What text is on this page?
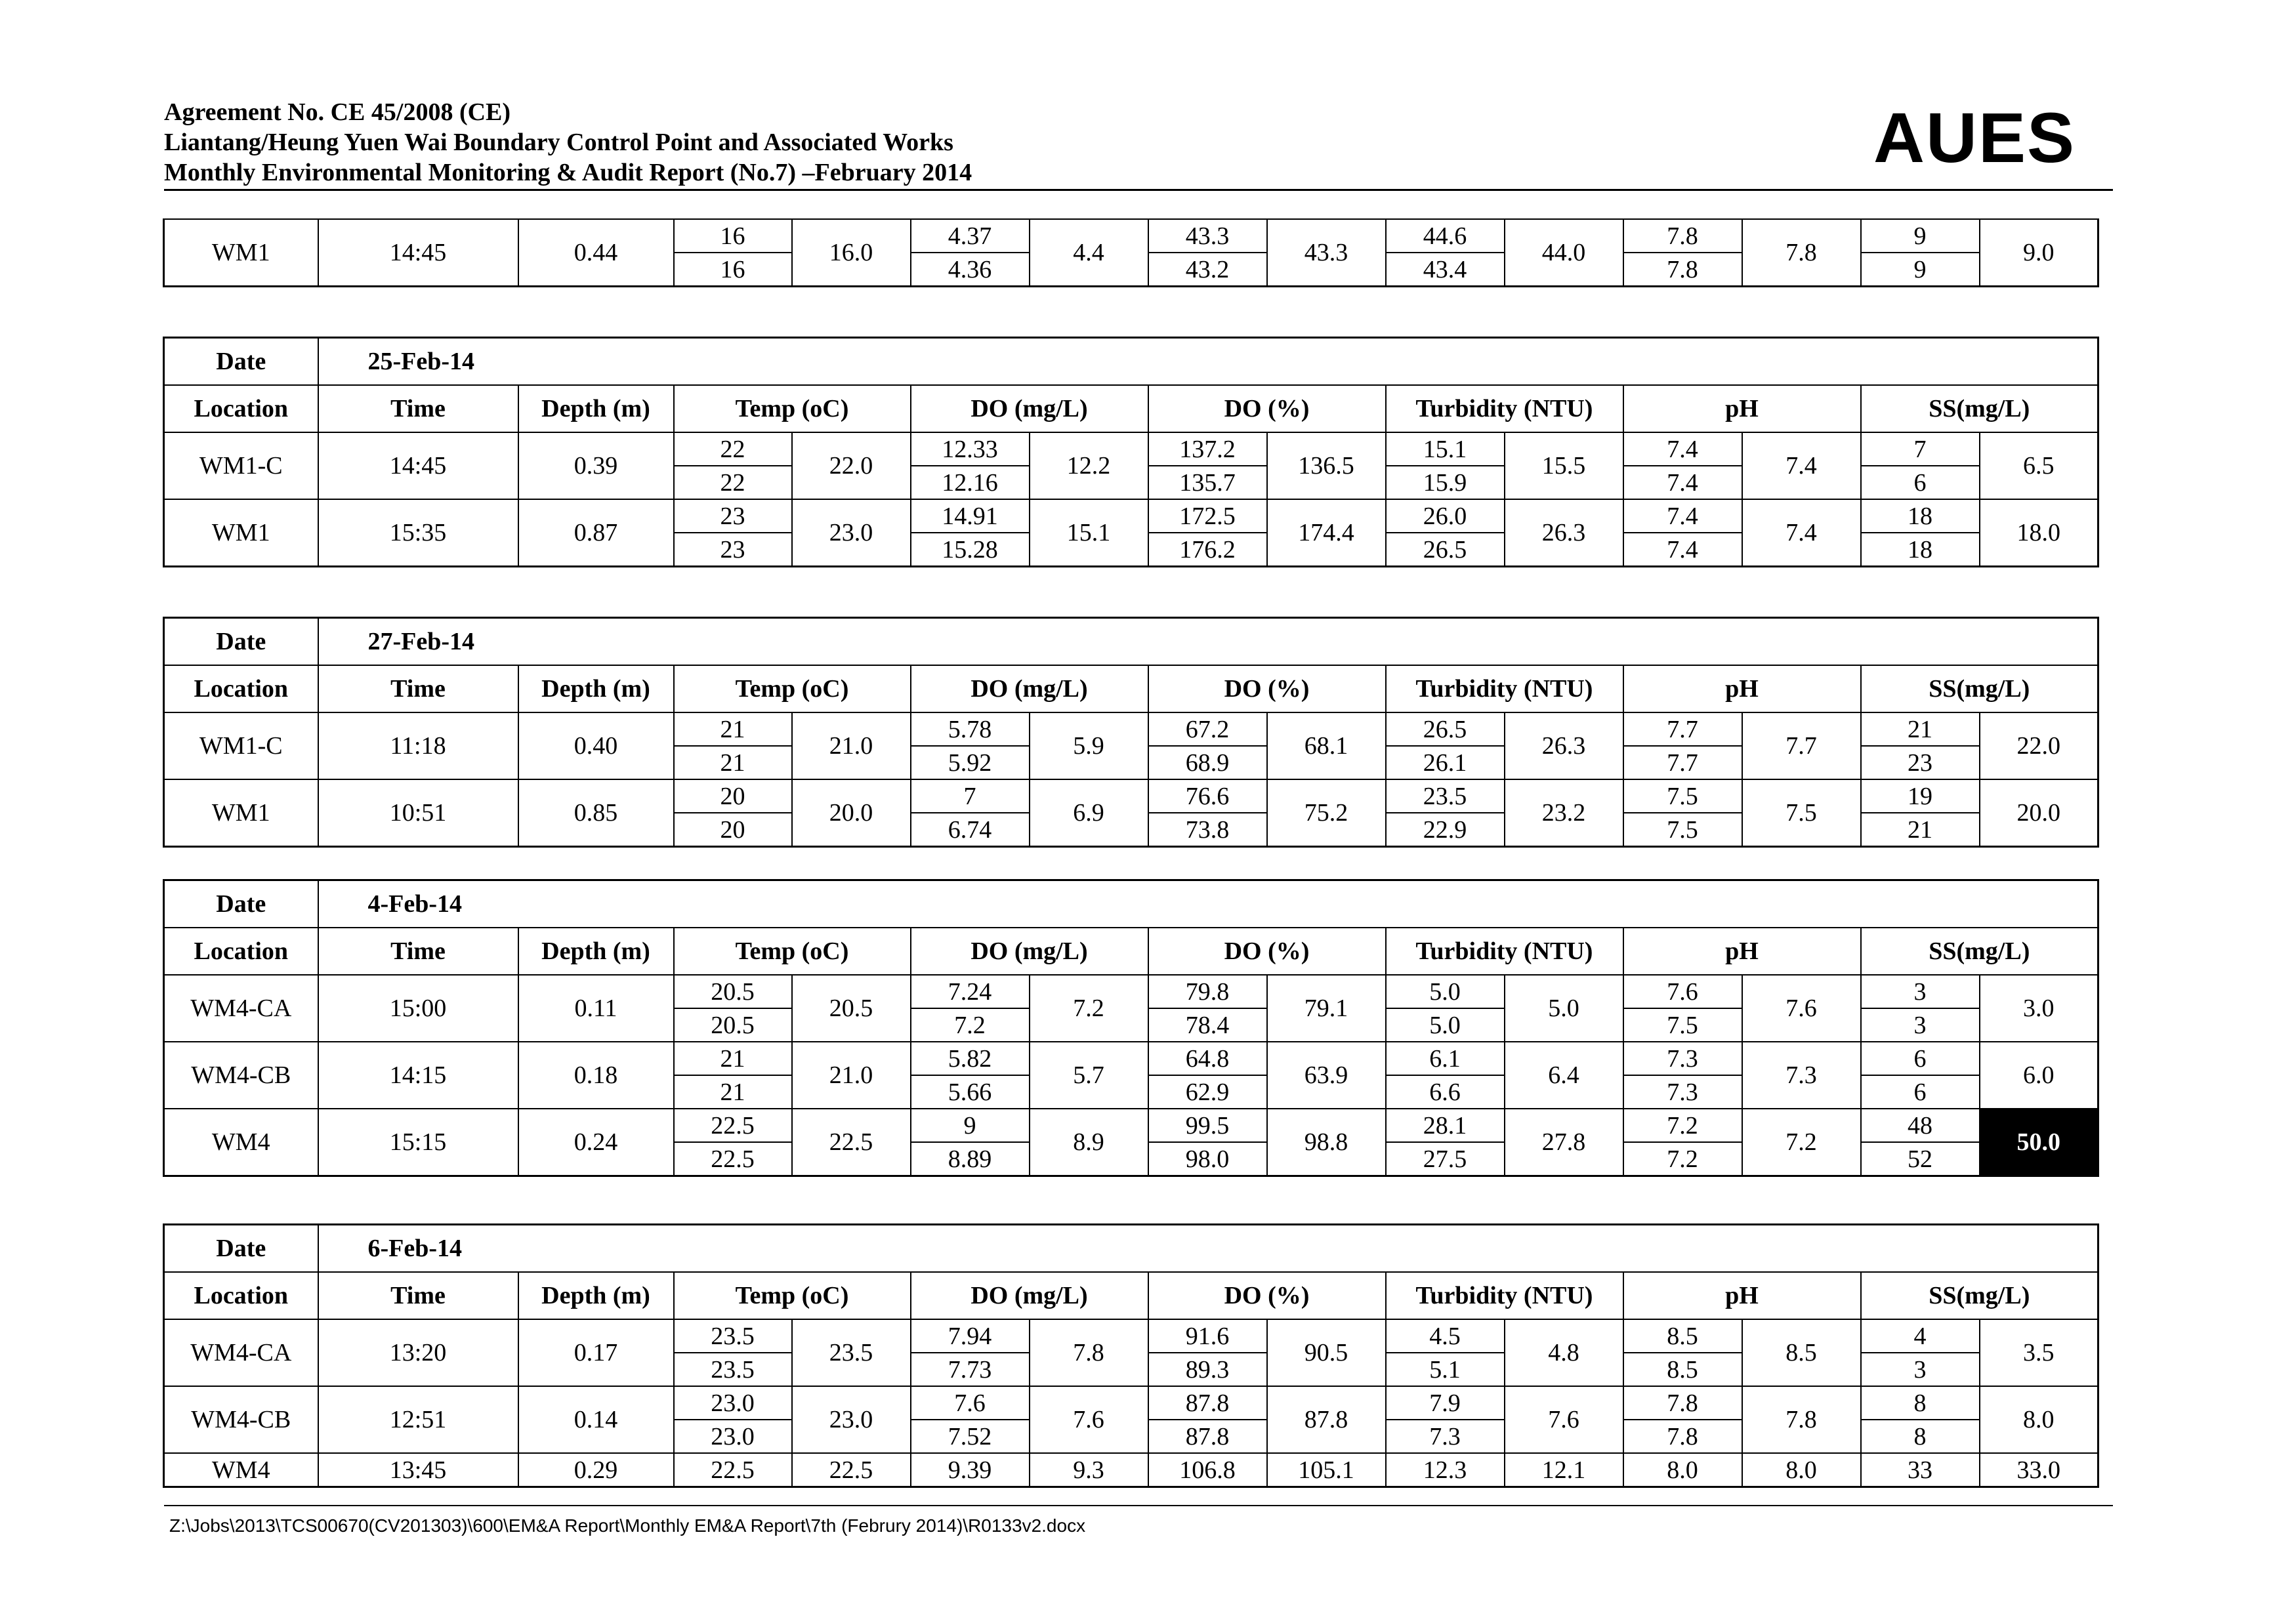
Agreement No. CE 45/2008 (CE)
Liantang/Heung Yuen Wai Boundary Control Point and Associated Works
Monthly Environmental Monitoring & Audit Report (No.7) –February 2014	AUES
WM1	14:45	0.44	16	16.0	4.37	4.4	43.3	43.3	44.6	44.0	7.8	7.8	9	9.0
			16		4.36		43.2		43.4		7.8		9	
Date	25-Feb-14													
Location	Time	Depth (m)	Temp (oC)		DO (mg/L)		DO (%)		Turbidity (NTU)		pH		SS(mg/L)	
WM1-C	14:45	0.39	22	22.0	12.33	12.2	137.2	136.5	15.1	15.5	7.4	7.4	7	6.5
			22		12.16		135.7		15.9		7.4		6	
WM1	15:35	0.87	23	23.0	14.91	15.1	172.5	174.4	26.0	26.3	7.4	7.4	18	18.0
			23		15.28		176.2		26.5		7.4		18	
Date	27-Feb-14													
Location	Time	Depth (m)	Temp (oC)		DO (mg/L)		DO (%)		Turbidity (NTU)		pH		SS(mg/L)	
WM1-C	11:18	0.40	21	21.0	5.78	5.9	67.2	68.1	26.5	26.3	7.7	7.7	21	22.0
			21		5.92		68.9		26.1		7.7		23	
WM1	10:51	0.85	20	20.0	7	6.9	76.6	75.2	23.5	23.2	7.5	7.5	19	20.0
			20		6.74		73.8		22.9		7.5		21	
Date	4-Feb-14													
Location	Time	Depth (m)	Temp (oC)		DO (mg/L)		DO (%)		Turbidity (NTU)		pH		SS(mg/L)	
WM4-CA	15:00	0.11	20.5	20.5	7.24	7.2	79.8	79.1	5.0	5.0	7.6	7.6	3	3.0
			20.5		7.2		78.4		5.0		7.5		3	
WM4-CB	14:15	0.18	21	21.0	5.82	5.7	64.8	63.9	6.1	6.4	7.3	7.3	6	6.0
			21		5.66		62.9		6.6		7.3		6	
WM4	15:15	0.24	22.5	22.5	9	8.9	99.5	98.8	28.1	27.8	7.2	7.2	48	50.0
			22.5		8.89		98.0		27.5		7.2		52	
Date	6-Feb-14													
Location	Time	Depth (m)	Temp (oC)		DO (mg/L)		DO (%)		Turbidity (NTU)		pH		SS(mg/L)	
WM4-CA	13:20	0.17	23.5	23.5	7.94	7.8	91.6	90.5	4.5	4.8	8.5	8.5	4	3.5
			23.5		7.73		89.3		5.1		8.5		3	
WM4-CB	12:51	0.14	23.0	23.0	7.6	7.6	87.8	87.8	7.9	7.6	7.8	7.8	8	8.0
			23.0		7.52		87.8		7.3		7.8		8	
WM4	13:45	0.29	22.5	22.5	9.39	9.3	106.8	105.1	12.3	12.1	8.0	8.0	33	33.0
Z:\Jobs\2013\TCS00670(CV201303)\600\EM&A Report\Monthly EM&A Report\7th (Februry 2014)\R0133v2.docx
